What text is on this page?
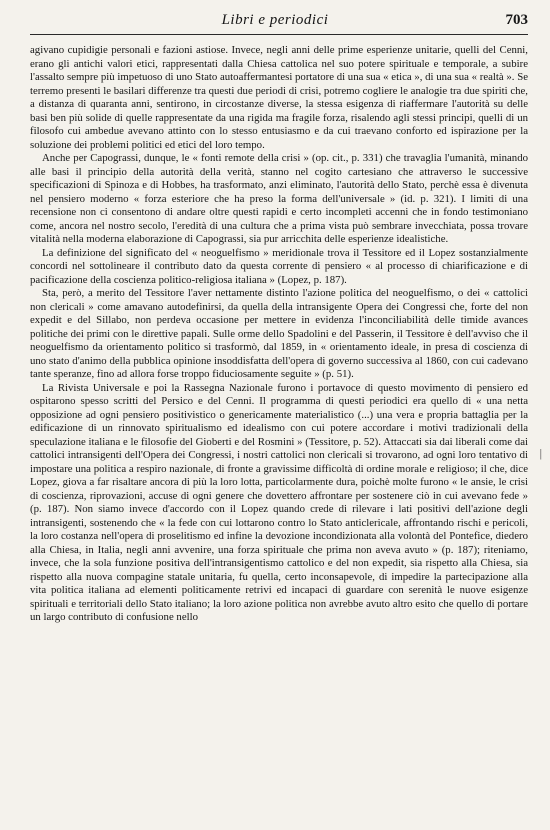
Libri e periodici	703

agivano cupidigie personali e fazioni astiose. Invece, negli anni delle prime esperienze unitarie, quelli del Cenni, erano gli antichi valori etici, rappresentati dalla Chiesa cattolica nel suo potere spirituale e temporale, a subire l'assalto sempre più impetuoso di uno Stato autoaffermantesi portatore di una sua « etica », di una sua « realtà ». Se terremo presenti le basilari differenze tra questi due periodi di crisi, potremo cogliere le analogie tra due spiriti che, a distanza di quaranta anni, sentirono, in circostanze diverse, la stessa esigenza di riaffermare l'autorità su delle basi ben più solide di quelle rappresentate da una rigida ma fragile forza, risalendo agli stessi principi, quelli di un filosofo cui ambedue avevano attinto con lo stesso entusiasmo e da cui traevano conforto ed ispirazione per la soluzione dei problemi politici ed etici del loro tempo.

Anche per Capograssi, dunque, le « fonti remote della crisi » (op. cit., p. 331) che travaglia l'umanità, minando alle basi il principio della autorità della verità, stanno nel cogito cartesiano che attraverso le successive specificazioni di Spinoza e di Hobbes, ha trasformato, anzi eliminato, l'autorità dello Stato, perchè essa è divenuta nel pensiero moderno « forza esteriore che ha preso la forma dell'universale » (id. p. 321). I limiti di una recensione non ci consentono di andare oltre questi rapidi e certo incompleti accenni che in fondo testimoniano come, ancora nel nostro secolo, l'eredità di una cultura che a prima vista può sembrare invecchiata, possa trovare vitalità nella moderna elaborazione di Capograssi, sia pur arricchita delle esperienze idealistiche.

La definizione del significato del « neoguelfismo » meridionale trova il Tessitore ed il Lopez sostanzialmente concordi nel sottolineare il contributo dato da questa corrente di pensiero « al processo di chiarificazione e di pacificazione della coscienza politico-religiosa italiana » (Lopez, p. 187).

Sta, però, a merito del Tessitore l'aver nettamente distinto l'azione politica del neoguelfismo, o dei « cattolici non clericali » come amavano autodefinirsi, da quella della intransigente Opera dei Congressi che, forte del non expedit e del Sillabo, non perdeva occasione per mettere in evidenza l'inconciliabilità delle timide avances politiche dei primi con le direttive papali. Sulle orme dello Spadolini e del Passerin, il Tessitore è dell'avviso che il neoguelfismo da orientamento politico si trasformò, dal 1859, in « orientamento ideale, in presa di coscienza di uno stato d'animo della pubblica opinione insoddisfatta dell'opera di governo successiva al 1860, con cui cadevano tante speranze, fino ad allora forse troppo fiduciosamente seguite » (p. 51).

La Rivista Universale e poi la Rassegna Nazionale furono i portavoce di questo movimento di pensiero ed ospitarono spesso scritti del Persico e del Cenni. Il programma di questi periodici era quello di « una netta opposizione ad ogni pensiero positivistico o genericamente materialistico (...) una vera e propria battaglia per la edificazione di un rinnovato spiritualismo ed idealismo con cui potere accordare i motivi tradizionali della speculazione italiana e le filosofie del Gioberti e del Rosmini » (Tessitore, p. 52). Attaccati sia dai liberali come dai cattolici intransigenti dell'Opera dei Congressi, i nostri cattolici non clericali si trovarono, ad ogni loro tentativo di impostare una politica a respiro nazionale, di fronte a gravissime difficoltà di ordine morale e religioso; il che, dice Lopez, giova a far risaltare ancora di più la loro lotta, particolarmente dura, poichè molte furono « le ansie, le crisi di coscienza, riprovazioni, accuse di ogni genere che dovettero affrontare per sostenere ciò in cui avevano fede » (p. 187). Non siamo invece d'accordo con il Lopez quando crede di rilevare i lati positivi dell'azione degli intransigenti, sostenendo che « la fede con cui lottarono contro lo Stato anticlericale, affrontando rischi e pericoli, la loro costanza nell'opera di proselitismo ed infine la devozione incondizionata alla volontà del Pontefice, diedero alla Chiesa, in Italia, negli anni avvenire, una forza spirituale che prima non aveva avuto » (p. 187); riteniamo, invece, che la sola funzione positiva dell'intransigentismo cattolico e del non expedit, sia rispetto alla Chiesa, sia rispetto alla nuova compagine statale unitaria, fu quella, certo inconsapevole, di impedire la partecipazione alla vita politica italiana ad elementi politicamente retrivi ed incapaci di guardare con serenità le nuove esigenze spirituali e territoriali dello Stato italiano; la loro azione politica non avrebbe avuto altro esito che quello di portare un largo contributo di confusione nello

|
